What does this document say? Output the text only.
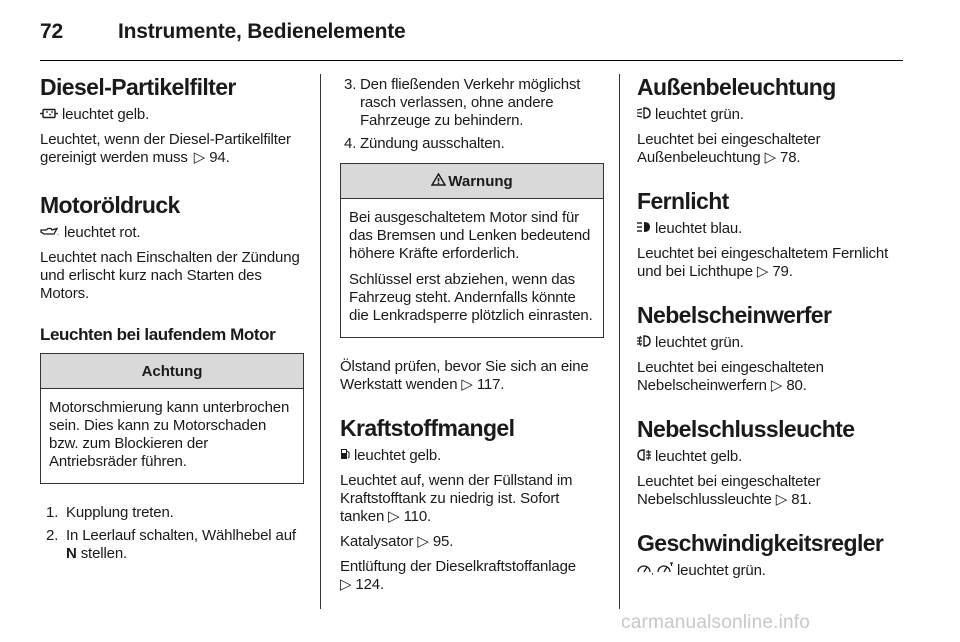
72	Instrumente, Bedienelemente
Diesel-Partikelfilter

leuchtet gelb.

Leuchtet, wenn der Diesel-Partikelfilter gereinigt werden muss ▷ 94.

Motoröldruck

leuchtet rot.

Leuchtet nach Einschalten der Zündung und erlischt kurz nach Starten des Motors.

Leuchten bei laufendem Motor
Achtung

Motorschmierung kann unterbrochen sein. Dies kann zu Motorschaden bzw. zum Blockieren der Antriebsräder führen.

1. Kupplung treten.
2. In Leerlauf schalten, Wählhebel auf N stellen.
3. Den fließenden Verkehr möglichst rasch verlassen, ohne andere Fahrzeuge zu behindern.
4. Zündung ausschalten.
Warnung

Bei ausgeschaltetem Motor sind für das Bremsen und Lenken bedeutend höhere Kräfte erforderlich.

Schlüssel erst abziehen, wenn das Fahrzeug steht. Andernfalls könnte die Lenkradsperre plötzlich einrasten.

Ölstand prüfen, bevor Sie sich an eine Werkstatt wenden ▷ 117.

Kraftstoffmangel

leuchtet gelb.

Leuchtet auf, wenn der Füllstand im Kraftstofftank zu niedrig ist. Sofort tanken ▷ 110.

Katalysator ▷ 95.

Entlüftung der Dieselkraftstoffanlage
▷ 124.

Außenbeleuchtung

leuchtet grün.

Leuchtet bei eingeschalteter Außenbeleuchtung ▷ 78.

Fernlicht

leuchtet blau.

Leuchtet bei eingeschaltetem Fernlicht und bei Lichthupe ▷ 79.

Nebelscheinwerfer

leuchtet grün.

Leuchtet bei eingeschalteten Nebelscheinwerfern ▷ 80.

Nebelschlussleuchte

leuchtet gelb.

Leuchtet bei eingeschalteter Nebelschlussleuchte ▷ 81.

Geschwindigkeitsregler

, leuchtet grün.

carmanualsonline.info
